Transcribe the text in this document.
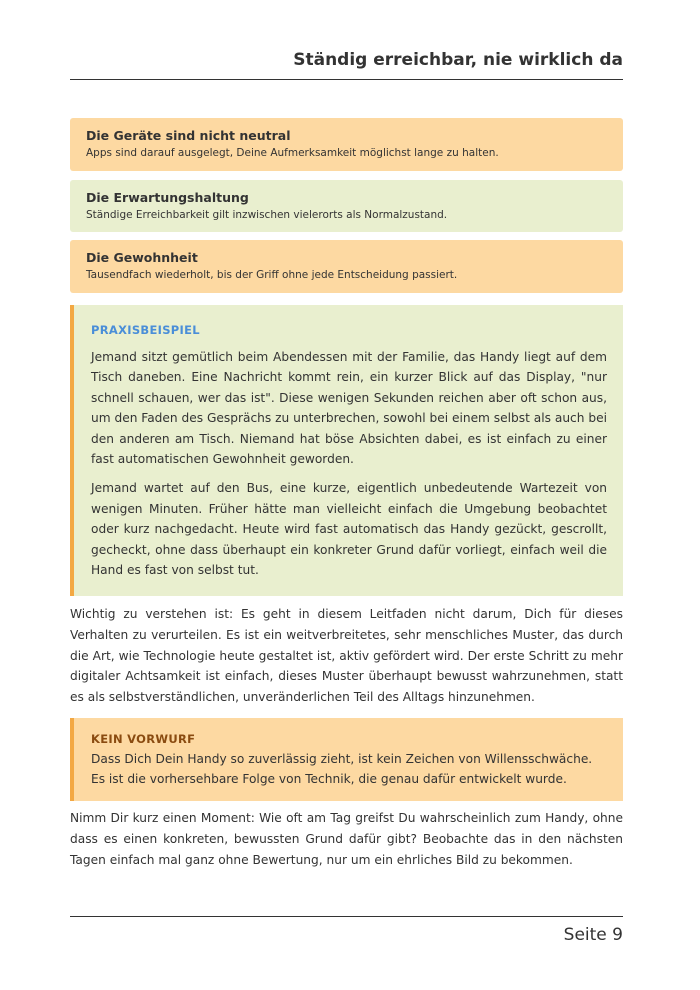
Ständig erreichbar, nie wirklich da
Die Geräte sind nicht neutral
Apps sind darauf ausgelegt, Deine Aufmerksamkeit möglichst lange zu halten.
Die Erwartungshaltung
Ständige Erreichbarkeit gilt inzwischen vielerorts als Normalzustand.
Die Gewohnheit
Tausendfach wiederholt, bis der Griff ohne jede Entscheidung passiert.
PRAXISBEISPIEL

Jemand sitzt gemütlich beim Abendessen mit der Familie, das Handy liegt auf dem Tisch daneben. Eine Nachricht kommt rein, ein kurzer Blick auf das Display, "nur schnell schauen, wer das ist". Diese wenigen Sekunden reichen aber oft schon aus, um den Faden des Gesprächs zu unterbrechen, sowohl bei einem selbst als auch bei den anderen am Tisch. Niemand hat böse Absichten dabei, es ist einfach zu einer fast automatischen Gewohnheit geworden.

Jemand wartet auf den Bus, eine kurze, eigentlich unbedeutende Wartezeit von wenigen Minuten. Früher hätte man vielleicht einfach die Umgebung beobachtet oder kurz nachgedacht. Heute wird fast automatisch das Handy gezückt, gescrollt, gecheckt, ohne dass überhaupt ein konkreter Grund dafür vorliegt, einfach weil die Hand es fast von selbst tut.

Wichtig zu verstehen ist: Es geht in diesem Leitfaden nicht darum, Dich für dieses Verhalten zu verurteilen. Es ist ein weitverbreitetes, sehr menschliches Muster, das durch die Art, wie Technologie heute gestaltet ist, aktiv gefördert wird. Der erste Schritt zu mehr digitaler Achtsamkeit ist einfach, dieses Muster überhaupt bewusst wahrzunehmen, statt es als selbstverständlichen, unveränderlichen Teil des Alltags hinzunehmen.

KEIN VORWURF

Dass Dich Dein Handy so zuverlässig zieht, ist kein Zeichen von Willensschwäche. Es ist die vorhersehbare Folge von Technik, die genau dafür entwickelt wurde.

Nimm Dir kurz einen Moment: Wie oft am Tag greifst Du wahrscheinlich zum Handy, ohne dass es einen konkreten, bewussten Grund dafür gibt? Beobachte das in den nächsten Tagen einfach mal ganz ohne Bewertung, nur um ein ehrliches Bild zu bekommen.

Seite 9
